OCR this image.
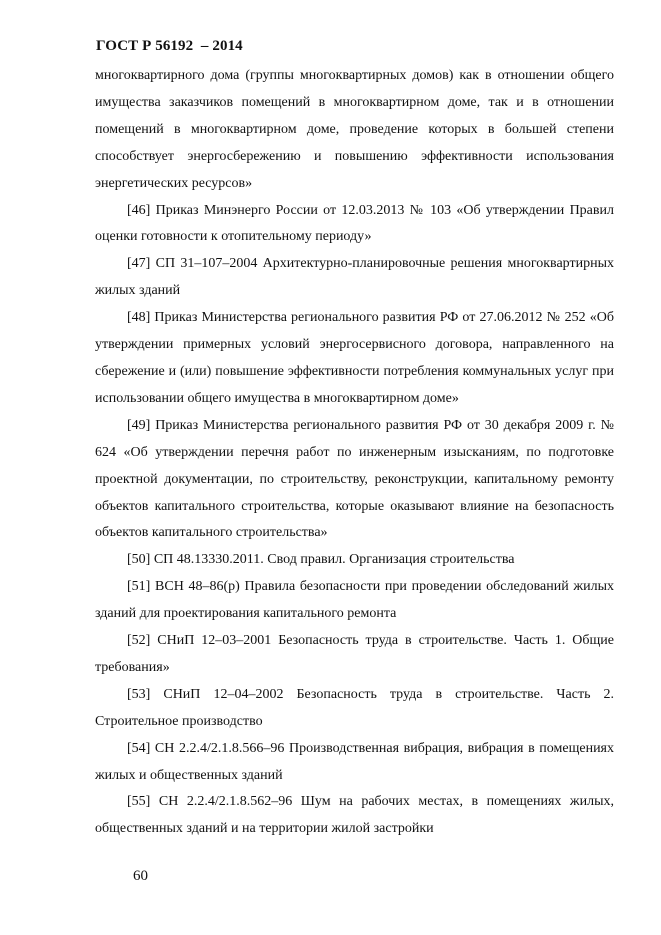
ГОСТ Р 56192  – 2014

многоквартирного дома (группы многоквартирных домов) как в отношении общего имущества заказчиков помещений в многоквартирном доме, так и в отношении помещений в многоквартирном доме, проведение которых в большей степени способствует энергосбережению и повышению эффективности использования энергетических ресурсов»

[46] Приказ Минэнерго России от 12.03.2013 № 103 «Об утверждении Правил оценки готовности к отопительному периоду»

[47] СП 31–107–2004 Архитектурно-планировочные решения многоквартирных жилых зданий

[48] Приказ Министерства регионального развития РФ от 27.06.2012 № 252 «Об утверждении примерных условий энергосервисного договора, направленного на сбережение и (или) повышение эффективности потребления коммунальных услуг при использовании общего имущества в многоквартирном доме»

[49] Приказ Министерства регионального развития РФ от 30 декабря 2009 г. № 624 «Об утверждении перечня работ по инженерным изысканиям, по подготовке проектной документации, по строительству, реконструкции, капитальному ремонту объектов капитального строительства, которые оказывают влияние на безопасность объектов капитального строительства»

[50] СП 48.13330.2011. Свод правил. Организация строительства

[51] ВСН 48–86(р) Правила безопасности при проведении обследований жилых зданий для проектирования капитального ремонта

[52] СНиП 12–03–2001 Безопасность труда в строительстве. Часть 1. Общие требования»

[53] СНиП 12–04–2002 Безопасность труда в строительстве. Часть 2. Строительное производство

[54] СН 2.2.4/2.1.8.566–96 Производственная вибрация, вибрация в помещениях жилых и общественных зданий

[55] СН 2.2.4/2.1.8.562–96 Шум на рабочих местах, в помещениях жилых, общественных зданий и на территории жилой застройки

60
